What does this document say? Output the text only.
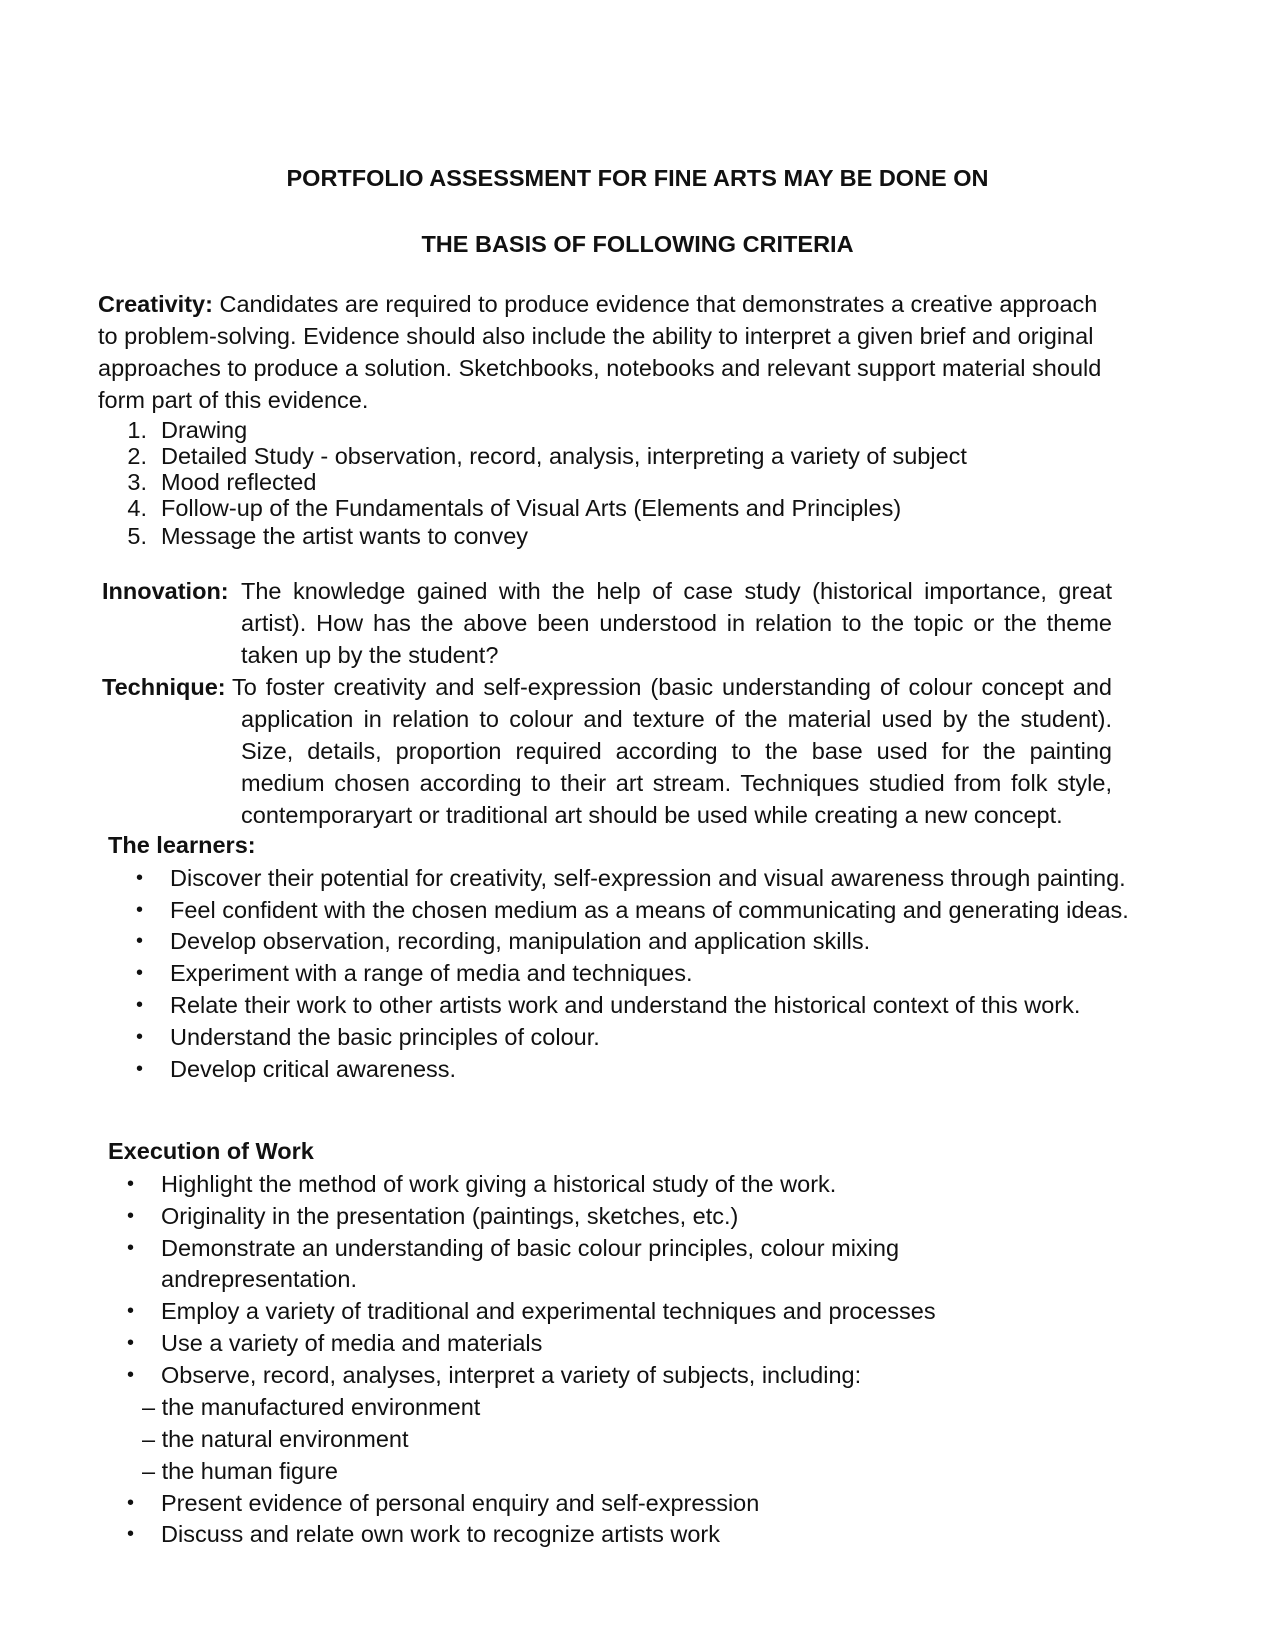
PORTFOLIO ASSESSMENT FOR FINE ARTS MAY BE DONE ON
THE BASIS OF FOLLOWING CRITERIA
Creativity: Candidates are required to produce evidence that demonstrates a creative approach
to problem-solving. Evidence should also include the ability to interpret a given brief and original
approaches to produce a solution. Sketchbooks, notebooks and relevant support material should
form part of this evidence.
1. Drawing
2. Detailed Study - observation, record, analysis, interpreting a variety of subject
3. Mood reflected
4. Follow-up of the Fundamentals of Visual Arts (Elements and Principles)
5. Message the artist wants to convey
Innovation: The knowledge gained with the help of case study (historical importance, great
artist). How has the above been understood in relation to the topic or the theme
taken up by the student?
Technique: To foster creativity and self-expression (basic understanding of colour concept and
application in relation to colour and texture of the material used by the student).
Size, details, proportion required according to the base used for the painting
medium chosen according to their art stream. Techniques studied from folk style,
contemporaryart or traditional art should be used while creating a new concept.
The learners:
• Discover their potential for creativity, self-expression and visual awareness through painting.
• Feel confident with the chosen medium as a means of communicating and generating ideas.
• Develop observation, recording, manipulation and application skills.
• Experiment with a range of media and techniques.
• Relate their work to other artists work and understand the historical context of this work.
• Understand the basic principles of colour.
• Develop critical awareness.
Execution of Work
• Highlight the method of work giving a historical study of the work.
• Originality in the presentation (paintings, sketches, etc.)
• Demonstrate an understanding of basic colour principles, colour mixing
andrepresentation.
• Employ a variety of traditional and experimental techniques and processes
• Use a variety of media and materials
• Observe, record, analyses, interpret a variety of subjects, including:
– the manufactured environment
– the natural environment
– the human figure
• Present evidence of personal enquiry and self-expression
• Discuss and relate own work to recognize artists work
